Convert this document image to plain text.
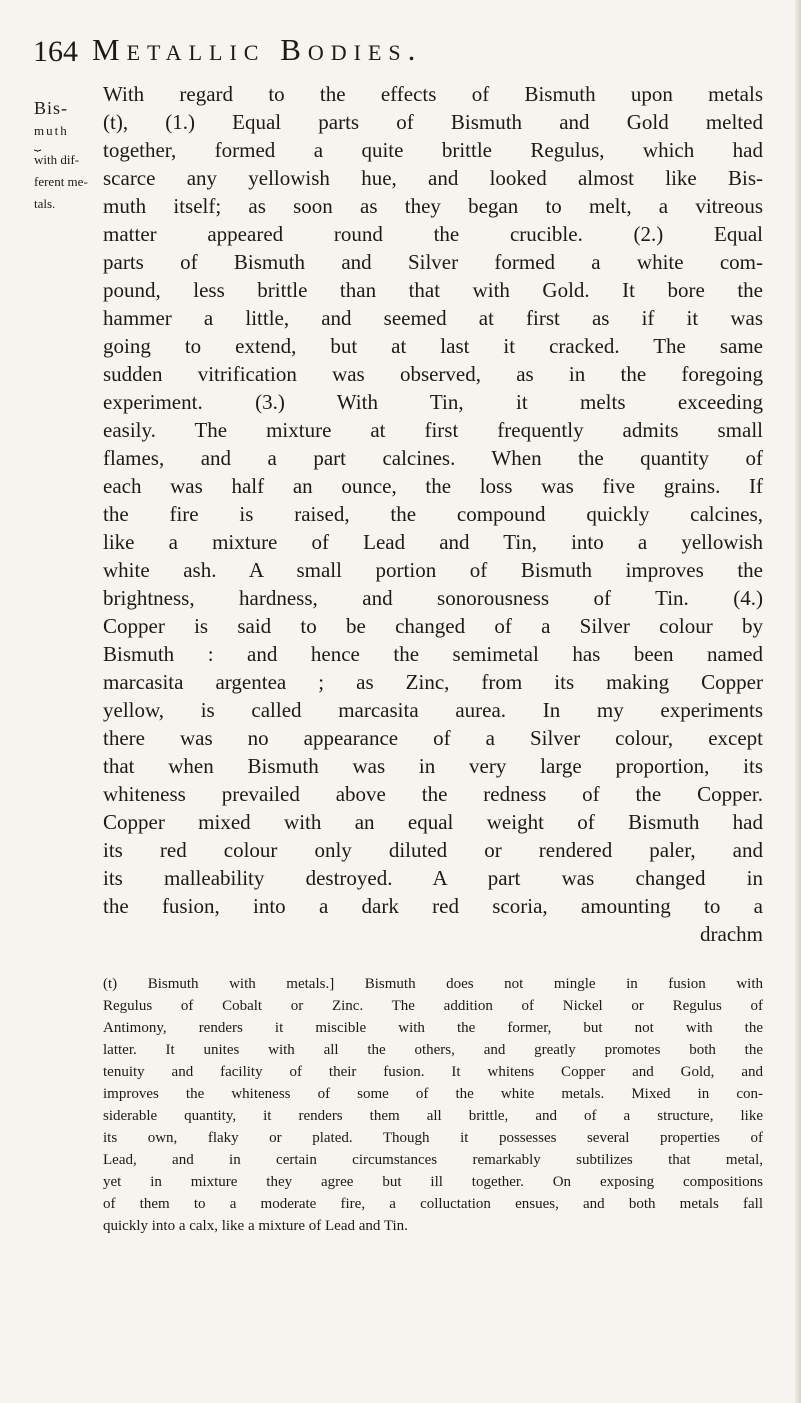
164 Metallic Bodies.
Bis-
muth
⏟
with dif-
ferent me-
tals.
With regard to the effects of Bismuth upon metals
(t), (1.) Equal parts of Bismuth and Gold melted
together, formed a quite brittle Regulus, which had
scarce any yellowish hue, and looked almost like Bis-
muth itself; as soon as they began to melt, a vitreous
matter appeared round the crucible. (2.) Equal
parts of Bismuth and Silver formed a white com-
pound, less brittle than that with Gold. It bore the
hammer a little, and seemed at first as if it was
going to extend, but at last it cracked. The same
sudden vitrification was observed, as in the foregoing
experiment. (3.) With Tin, it melts exceeding
easily. The mixture at first frequently admits small
flames, and a part calcines. When the quantity of
each was half an ounce, the loss was five grains. If
the fire is raised, the compound quickly calcines,
like a mixture of Lead and Tin, into a yellowish
white ash. A small portion of Bismuth improves the
brightness, hardness, and sonorousness of Tin. (4.)
Copper is said to be changed of a Silver colour by
Bismuth : and hence the semimetal has been named
marcasita argentea ; as Zinc, from its making Copper
yellow, is called marcasita aurea. In my experiments
there was no appearance of a Silver colour, except
that when Bismuth was in very large proportion, its
whiteness prevailed above the redness of the Copper.
Copper mixed with an equal weight of Bismuth had
its red colour only diluted or rendered paler, and
its malleability destroyed. A part was changed in
the fusion, into a dark red scoria, amounting to a
drachm
(t) Bismuth with metals.] Bismuth does not mingle in fusion with
Regulus of Cobalt or Zinc. The addition of Nickel or Regulus of
Antimony, renders it miscible with the former, but not with the
latter. It unites with all the others, and greatly promotes both the
tenuity and facility of their fusion. It whitens Copper and Gold, and
improves the whiteness of some of the white metals. Mixed in con-
siderable quantity, it renders them all brittle, and of a structure, like
its own, flaky or plated. Though it possesses several properties of
Lead, and in certain circumstances remarkably subtilizes that metal,
yet in mixture they agree but ill together. On exposing compositions
of them to a moderate fire, a colluctation ensues, and both metals fall
quickly into a calx, like a mixture of Lead and Tin.
